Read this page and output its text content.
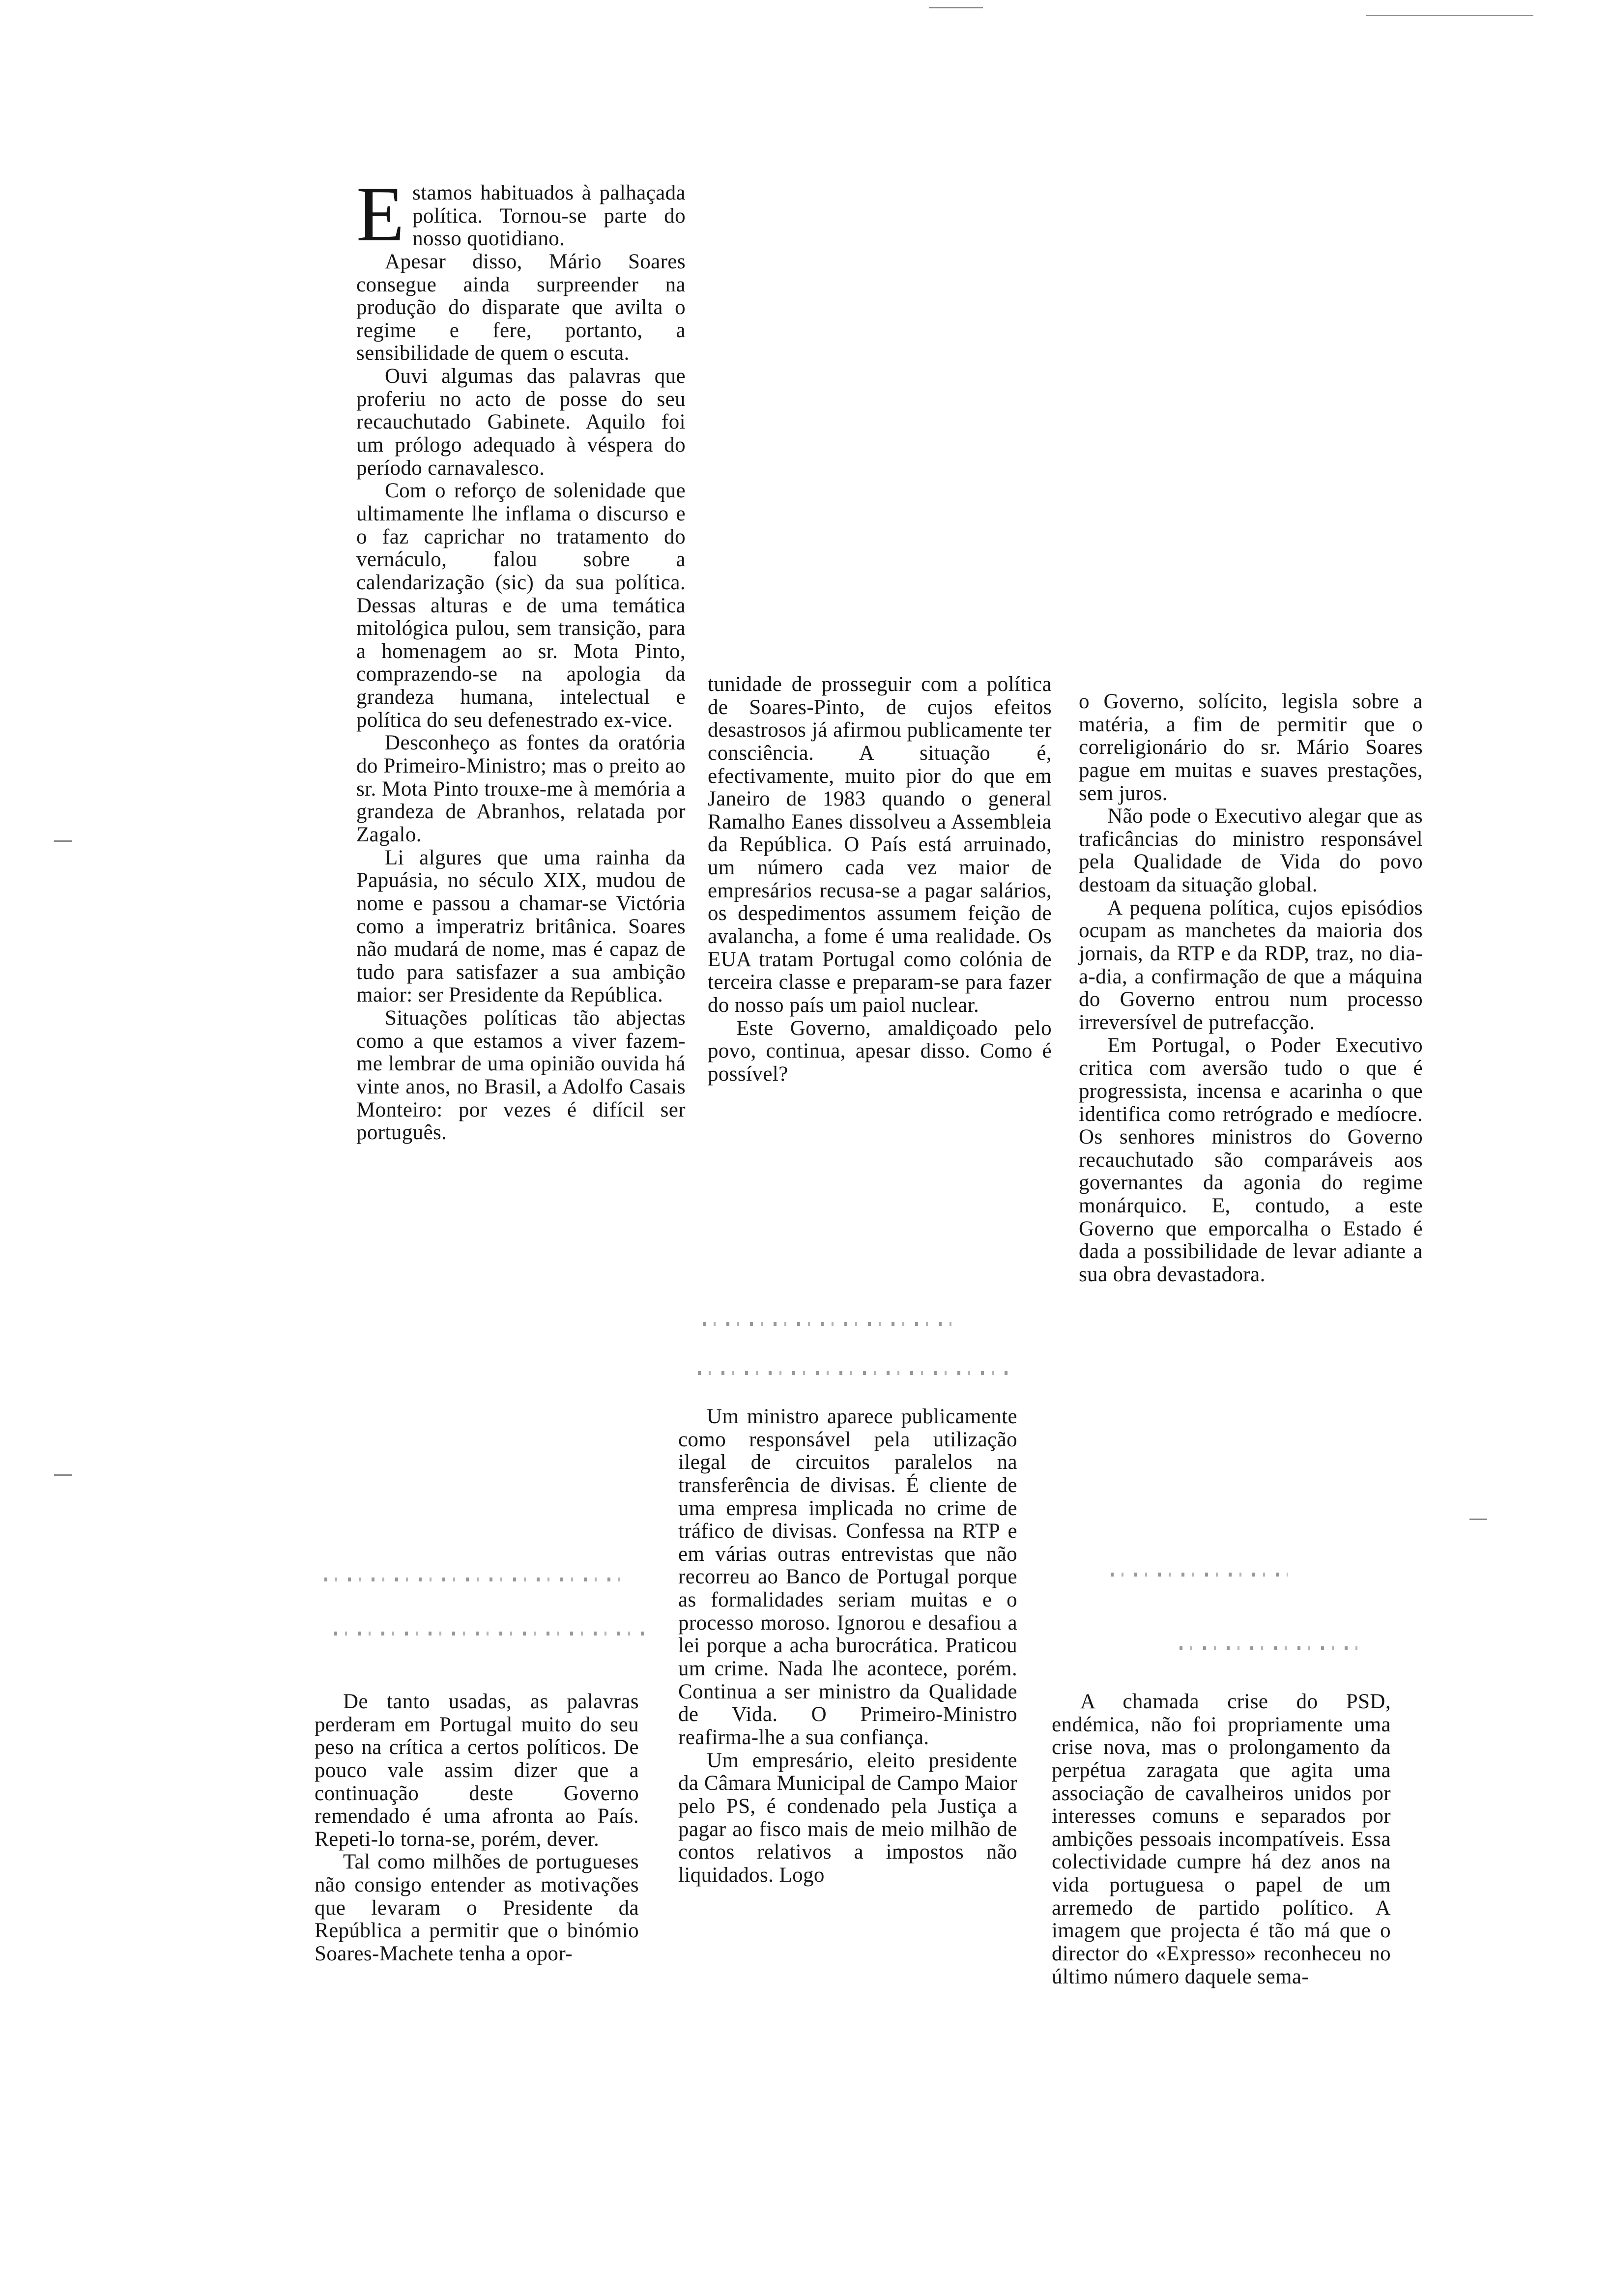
Estamos habituados à palhaçada política. Tornou-se parte do nosso quotidiano.

Apesar disso, Mário Soares consegue ainda surpreender na produção do disparate que avilta o regime e fere, portanto, a sensibilidade de quem o escuta.

Ouvi algumas das palavras que proferiu no acto de posse do seu recauchutado Gabinete. Aquilo foi um prólogo adequado à véspera do período carnavalesco.

Com o reforço de solenidade que ultimamente lhe inflama o discurso e o faz caprichar no tratamento do vernáculo, falou sobre a calendarização (sic) da sua política. Dessas alturas e de uma temática mitológica pulou, sem transição, para a homenagem ao sr. Mota Pinto, comprazendo-se na apologia da grandeza humana, intelectual e política do seu defenestrado ex-vice.

Desconheço as fontes da oratória do Primeiro-Ministro; mas o preito ao sr. Mota Pinto trouxe-me à memória a grandeza de Abranhos, relatada por Zagalo.

Li algures que uma rainha da Papuásia, no século XIX, mudou de nome e passou a chamar-se Victória como a imperatriz britânica. Soares não mudará de nome, mas é capaz de tudo para satisfazer a sua ambição maior: ser Presidente da República.

Situações políticas tão abjectas como a que estamos a viver fazem-me lembrar de uma opinião ouvida há vinte anos, no Brasil, a Adolfo Casais Monteiro: por vezes é difícil ser português.

tunidade de prosseguir com a política de Soares-Pinto, de cujos efeitos desastrosos já afirmou publicamente ter consciência. A situação é, efectivamente, muito pior do que em Janeiro de 1983 quando o general Ramalho Eanes dissolveu a Assembleia da República. O País está arruinado, um número cada vez maior de empresários recusa-se a pagar salários, os despedimentos assumem feição de avalancha, a fome é uma realidade. Os EUA tratam Portugal como colónia de terceira classe e preparam-se para fazer do nosso país um paiol nuclear.

Este Governo, amaldiçoado pelo povo, continua, apesar disso. Como é possível?

o Governo, solícito, legisla sobre a matéria, a fim de permitir que o correligionário do sr. Mário Soares pague em muitas e suaves prestações, sem juros.

Não pode o Executivo alegar que as traficâncias do ministro responsável pela Qualidade de Vida do povo destoam da situação global.

A pequena política, cujos episódios ocupam as manchetes da maioria dos jornais, da RTP e da RDP, traz, no dia-a-dia, a confirmação de que a máquina do Governo entrou num processo irreversível de putrefacção.

Em Portugal, o Poder Executivo critica com aversão tudo o que é progressista, incensa e acarinha o que identifica como retrógrado e medíocre. Os senhores ministros do Governo recauchutado são comparáveis aos governantes da agonia do regime monárquico. E, contudo, a este Governo que emporcalha o Estado é dada a possibilidade de levar adiante a sua obra devastadora.

De tanto usadas, as palavras perderam em Portugal muito do seu peso na crítica a certos políticos. De pouco vale assim dizer que a continuação deste Governo remendado é uma afronta ao País. Repeti-lo torna-se, porém, dever.

Tal como milhões de portugueses não consigo entender as motivações que levaram o Presidente da República a permitir que o binómio Soares-Machete tenha a opor-

Um ministro aparece publicamente como responsável pela utilização ilegal de circuitos paralelos na transferência de divisas. É cliente de uma empresa implicada no crime de tráfico de divisas. Confessa na RTP e em várias outras entrevistas que não recorreu ao Banco de Portugal porque as formalidades seriam muitas e o processo moroso. Ignorou e desafiou a lei porque a acha burocrática. Praticou um crime. Nada lhe acontece, porém. Continua a ser ministro da Qualidade de Vida. O Primeiro-Ministro reafirma-lhe a sua confiança.

Um empresário, eleito presidente da Câmara Municipal de Campo Maior pelo PS, é condenado pela Justiça a pagar ao fisco mais de meio milhão de contos relativos a impostos não liquidados. Logo

A chamada crise do PSD, endémica, não foi propriamente uma crise nova, mas o prolongamento da perpétua zaragata que agita uma associação de cavalheiros unidos por interesses comuns e separados por ambições pessoais incompatíveis. Essa colectividade cumpre há dez anos na vida portuguesa o papel de um arremedo de partido político. A imagem que projecta é tão má que o director do «Expresso» reconheceu no último número daquele sema-
